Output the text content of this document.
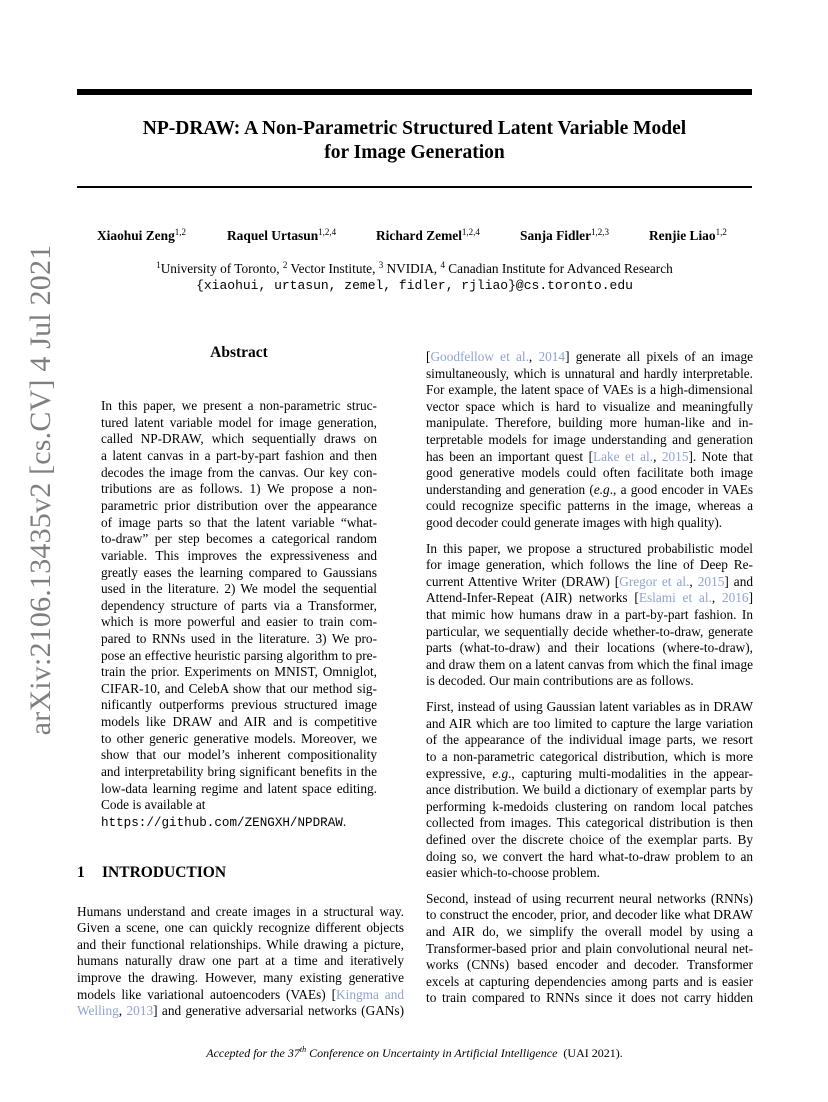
arXiv:2106.13435v2 [cs.CV] 4 Jul 2021
NP-DRAW: A Non-Parametric Structured Latent Variable Model
for Image Generation
Xiaohui Zeng$^{1,2}$	Raquel Urtasun$^{1,2,4}$	Richard Zemel$^{1,2,4}$	Sanja Fidler$^{1,2,3}$	Renjie Liao$^{1,2}$
$^1$University of Toronto, $^2$ Vector Institute, $^3$ NVIDIA, $^4$ Canadian Institute for Advanced Research
{xiaohui, urtasun, zemel, fidler, rjliao}@cs.toronto.edu
Abstract
In this paper, we present a non-parametric struc-
tured latent variable model for image generation,
called NP-DRAW, which sequentially draws on
a latent canvas in a part-by-part fashion and then
decodes the image from the canvas. Our key con-
tributions are as follows. 1) We propose a non-
parametric prior distribution over the appearance
of image parts so that the latent variable “what-
to-draw” per step becomes a categorical random
variable. This improves the expressiveness and
greatly eases the learning compared to Gaussians
used in the literature. 2) We model the sequential
dependency structure of parts via a Transformer,
which is more powerful and easier to train com-
pared to RNNs used in the literature. 3) We pro-
pose an effective heuristic parsing algorithm to pre-
train the prior. Experiments on MNIST, Omniglot,
CIFAR-10, and CelebA show that our method sig-
nificantly outperforms previous structured image
models like DRAW and AIR and is competitive
to other generic generative models. Moreover, we
show that our model’s inherent compositionality
and interpretability bring significant benefits in the
low-data learning regime and latent space editing.
Code is available at
https://github.com/ZENGXH/NPDRAW.
1 INTRODUCTION
Humans understand and create images in a structural way.
Given a scene, one can quickly recognize different objects
and their functional relationships. While drawing a picture,
humans naturally draw one part at a time and iteratively
improve the drawing. However, many existing generative
models like variational autoencoders (VAEs) [Kingma and
Welling, 2013] and generative adversarial networks (GANs)
[Goodfellow et al., 2014] generate all pixels of an image
simultaneously, which is unnatural and hardly interpretable.
For example, the latent space of VAEs is a high-dimensional
vector space which is hard to visualize and meaningfully
manipulate. Therefore, building more human-like and in-
terpretable models for image understanding and generation
has been an important quest [Lake et al., 2015]. Note that
good generative models could often facilitate both image
understanding and generation (e.g., a good encoder in VAEs
could recognize specific patterns in the image, whereas a
good decoder could generate images with high quality).
In this paper, we propose a structured probabilistic model
for image generation, which follows the line of Deep Re-
current Attentive Writer (DRAW) [Gregor et al., 2015] and
Attend-Infer-Repeat (AIR) networks [Eslami et al., 2016]
that mimic how humans draw in a part-by-part fashion. In
particular, we sequentially decide whether-to-draw, generate
parts (what-to-draw) and their locations (where-to-draw),
and draw them on a latent canvas from which the final image
is decoded. Our main contributions are as follows.
First, instead of using Gaussian latent variables as in DRAW
and AIR which are too limited to capture the large variation
of the appearance of the individual image parts, we resort
to a non-parametric categorical distribution, which is more
expressive, e.g., capturing multi-modalities in the appear-
ance distribution. We build a dictionary of exemplar parts by
performing k-medoids clustering on random local patches
collected from images. This categorical distribution is then
defined over the discrete choice of the exemplar parts. By
doing so, we convert the hard what-to-draw problem to an
easier which-to-choose problem.
Second, instead of using recurrent neural networks (RNNs)
to construct the encoder, prior, and decoder like what DRAW
and AIR do, we simplify the overall model by using a
Transformer-based prior and plain convolutional neural net-
works (CNNs) based encoder and decoder. Transformer
excels at capturing dependencies among parts and is easier
to train compared to RNNs since it does not carry hidden
Accepted for the 37th Conference on Uncertainty in Artificial Intelligence (UAI 2021).
